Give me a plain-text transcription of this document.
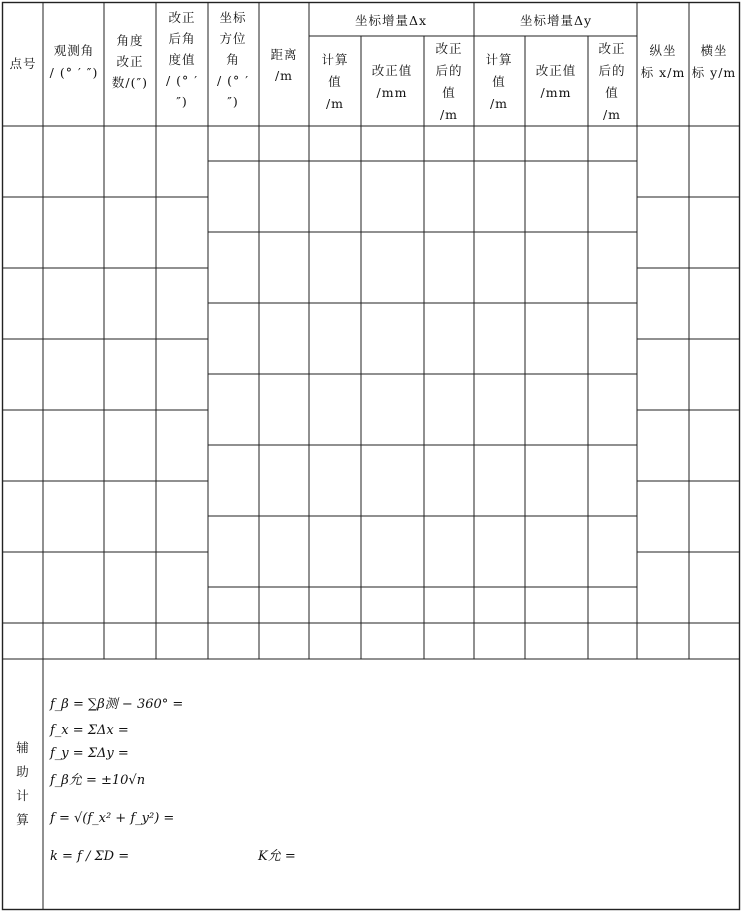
点号
观测角
/ (° ′ ″)
角度
改正
数/(″)
改正
后角
度值
/ (° ′
″)
坐标
方位
角
/ (° ′
″)
距离
/m
坐标增量Δx	坐标增量Δy
计算
值
/m
改正值
/mm
改正
后的
值
/m
计算
值
/m
改正值
/mm
改正
后的
值
/m
纵坐
标 x/m
横坐
标 y/m
辅
助
计
算
f_β = ∑β测 − 360° =
f_x = ΣΔx =
f_y = ΣΔy =
f_β允 = ±10√n
f = √(f_x² + f_y²) =
k = f / ΣD =	K允 =
